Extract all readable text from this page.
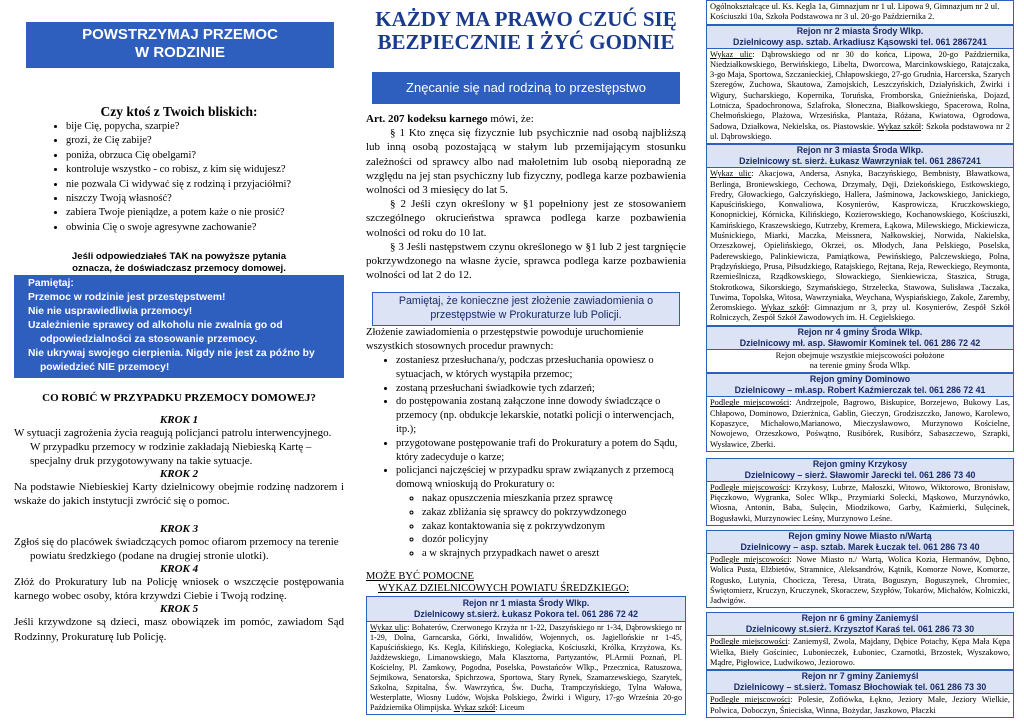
POWSTRZYMAJ PRZEMOC
W RODZINIE

Czy ktoś z Twoich bliskich:

• bije Cię, popycha, szarpie?
• grozi, że Cię zabije?
• poniża, obrzuca Cię obelgami?
• kontroluje wszystko - co robisz, z kim się widujesz?
• nie pozwala Ci widywać się z rodziną i przyjaciółmi?
• niszczy Twoją własność?
• zabiera Twoje pieniądze, a potem każe o nie prosić?
• obwinia Cię o swoje agresywne zachowanie?

Jeśli odpowiedziałeś TAK na powyższe pytania

oznacza, że doświadczasz przemocy domowej.

Pamiętaj:
Przemoc w rodzinie jest przestępstwem!
Nie nie usprawiedliwia przemocy!
Uzależnienie sprawcy od alkoholu nie zwalnia go od
odpowiedzialności za stosowanie przemocy.
Nie ukrywaj swojego cierpienia. Nigdy nie jest za późno by
powiedzieć NIE przemocy!

CO ROBIĆ W PRZYPADKU PRZEMOCY DOMOWEJ?

KROK 1

W sytuacji zagrożenia życia reagują policjanci patrolu interwencyjnego. W przypadku przemocy w rodzinie zakładają Niebieską Kartę – specjalny druk przygotowywany na takie sytuacje.

KROK 2

Na podstawie Niebieskiej Karty dzielnicowy obejmie rodzinę nadzorem i wskaże do jakich instytucji zwrócić się o pomoc.

KROK 3

Zgłoś się do placówek świadczących pomoc ofiarom przemocy na terenie powiatu średzkiego (podane na drugiej stronie ulotki).

KROK 4

Złóż do Prokuratury lub na Policję wniosek o wszczęcie postępowania karnego wobec osoby, która krzywdzi Ciebie i Twoją rodzinę.

KROK 5

Jeśli krzywdzone są dzieci, masz obowiązek im pomóc, zawiadom Sąd Rodzinny, Prokuraturę lub Policję.

KAŻDY MA PRAWO CZUĆ SIĘ
BEZPIECZNIE I ŻYĆ GODNIE

Znęcanie się nad rodziną to przestępstwo

Art. 207 kodeksu karnego mówi, że:

§ 1 Kto znęca się fizycznie lub psychicznie nad osobą najbliższą lub inną osobą pozostającą w stałym lub przemijającym stosunku zależności od sprawcy albo nad małoletnim lub osobą nieporadną ze względu na jej stan psychiczny lub fizyczny, podlega karze pozbawienia wolności od 3 miesięcy do lat 5.

§ 2 Jeśli czyn określony w §1 popełniony jest ze stosowaniem szczególnego okrucieństwa sprawca podlega karze pozbawienia wolności od roku do 10 lat.

§ 3 Jeśli następstwem czynu określonego w §1 lub 2 jest targnięcie pokrzywdzonego na własne życie, sprawca podlega karze pozbawienia wolności od lat 2 do 12.

Pamiętaj, że konieczne jest złożenie zawiadomienia o przestępstwie w Prokuraturze lub Policji.

Złożenie zawiadomienia o przestępstwie powoduje uruchomienie wszystkich stosownych procedur prawnych:

• zostaniesz przesłuchana/y, podczas przesłuchania opowiesz o sytuacjach, w których wystąpiła przemoc;
• zostaną przesłuchani świadkowie tych zdarzeń;
• do postępowania zostaną załączone inne dowody świadczące o przemocy (np. obdukcje lekarskie, notatki policji o interwencjach, itp.);
• przygotowane postępowanie trafi do Prokuratury a potem do Sądu, który zadecyduje o karze;
• policjanci najczęściej w przypadku spraw związanych z przemocą domową wnioskują do Prokuratury o:
◦ nakaz opuszczenia mieszkania przez sprawcę
◦ zakaz zbliżania się sprawcy do pokrzywdzonego
◦ zakaz kontaktowania się z pokrzywdzonym
◦ dozór policyjny
◦ a w skrajnych przypadkach nawet o areszt

MOŻE BYĆ POMOCNE

WYKAZ DZIELNICOWYCH POWIATU ŚREDZKIEGO:

Rejon nr 1 miasta Środy Wlkp.
Dzielnicowy st.sierż. Łukasz Pokora tel. 061 286 72 42
Wykaz ulic: Bohaterów, Czerwonego Krzyża nr 1-22, Daszyńskiego nr 1-34, Dąbrowskiego nr 1-29, Dolna, Garncarska, Górki, Inwalidów, Wojennych, os. Jagiellońskie nr 1-45, Kapuścińskiego, Ks. Kegla, Kilińskiego, Kolegiacka, Kościuszki, Królka, Krzyżowa, Ks. Jażdżewskiego, Limanowskiego, Mała Klasztorna, Partyzantów, Pl.Armii Poznań, Pl. Kościelny, Pl. Zamkowy, Pogodna, Poselska, Powstańców Wlkp., Przecznica, Ratuszowa, Sejmikowa, Senatorska, Spichrzowa, Sportowa, Stary Rynek, Szamarzewskiego, Szarytek, Szkolna, Szpitalna, Św. Wawrzyńca, Św. Ducha, Trampczyńskiego, Tylna Wałowa, Westerplatte, Wiosny Ludów, Wojska Polskiego, Żwirki i Wigury, 17-go Września 20-go Października Olimpijska. Wykaz szkół: Liceum
Ogólnokształcące ul. Ks. Kegla 1a, Gimnazjum nr 1 ul. Lipowa 9, Gimnazjum nr 2 ul. Kościuszki 10a, Szkoła Podstawowa nr 3 ul. 20-go Października 2.
Rejon nr 2 miasta Środy Wlkp.
Dzielnicowy asp. sztab. Arkadiusz Kąsowski tel. 061 2867241
Wykaz ulic: Dąbrowskiego od nr 30 do końca, Lipowa, 20-go Października, Niedziałkowskiego, Berwińskiego, Libelta, Dworcowa, Marcinkowskiego, Ratajczaka, 3-go Maja, Sportowa, Szczanieckiej, Chłapowskiego, 27-go Grudnia, Harcerska, Szarych Szeregów, Zuchowa, Skautowa, Zamojskich, Leszczyńskich, Działyńskich, Żwirki i Wigury, Sucharskiego, Kopernika, Toruńska, Fromborska, Gnieźnieńska, Dojazd, Lotnicza, Spadochronowa, Szlafroka, Słoneczna, Białkowskiego, Spacerowa, Rolna, Chełmońskiego, Plażowa, Wrzesińska, Plantaża, Różana, Kwiatowa, Ogrodowa, Sadowa, Działkowa, Nekielska, os. Piastowskie. Wykaz szkół: Szkoła podstawowa nr 2 ul. Dąbrowskiego.
Rejon nr 3 miasta Środa Wlkp.
Dzielnicowy st. sierż. Łukasz Wawrzyniak tel. 061 2867241
Wykaz ulic: Akacjowa, Andersa, Asnyka, Baczyńskiego, Bembnisty, Bławatkowa, Berlinga, Broniewskiego, Cechowa, Drzymały, Dęji, Dziekońskiego, Estkowskiego, Fredry, Głowackiego, Gałczyńskiego, Hallera, Jaśminowa, Jackowskiego, Janickiego, Kapuścińskiego, Konwaliowa, Kosynierów, Kasprowicza, Kruczkowskiego, Konopnickiej, Kórnicka, Kilińskiego, Kozierowskiego, Kochanowskiego, Kościuszki, Kamińskiego, Kraszewskiego, Kutrzeby, Kremera, Łąkowa, Milewskiego, Mickiewicza, Muśnickiego, Miarki, Maczka, Meissnera, Nałkowskiej, Norwida, Nakielska, Orzeszkowej, Opielińskiego, Okrzei, os. Młodych, Jana Pelskiego, Poselska, Paderewskiego, Palinkiewicza, Pamiątkowa, Pewińskiego, Palczewskiego, Polna, Prądzyńskiego, Prusa, Piłsudzkiego, Ratajskiego, Rejtana, Reja, Reweckiego, Reymonta, Rzemieślnicza, Rządkowskiego, Słowackiego, Sienkiewicza, Staszica, Struga, Stokrotkowa, Sikorskiego, Szymańskiego, Strzelecka, Stawowa, Sulisława ,Taczaka, Tuwima, Topolska, Witosa, Wawrzyniaka, Weychana, Wyspiańskiego, Zakole, Zaremby, Żeromskiego. Wykaz szkół: Gimnazjum nr 3, przy ul. Kosynierów, Zespół Szkół Rolniczych, Zespół Szkół Zawodowych im. H. Cegielskiego.
Rejon nr 4 gminy Środa Wlkp.
Dzielnicowy mł. asp. Sławomir Kominek tel. 061 286 72 42
Rejon obejmuje wszystkie miejscowości położone
na terenie gminy Środa Wlkp.
Rejon gminy Dominowo
Dzielnicowy – mł.asp. Robert Kaźmierczak tel. 061 286 72 41
Podległe miejscowości: Andrzejpole, Bagrowo, Biskupice, Borzejewo, Bukowy Las, Chłapowo, Dominowo, Dzierżnica, Gablin, Gieczyn, Grodziszczko, Janowo, Karolewo, Kopaszyce, Michałowo,Marianowo, Mieczysławowo, Murzynowo Kościelne, Nowojewo, Orzeszkowo, Pośwątno, Rusibórek, Rusibórz, Sabaszczewo, Szrapki, Wysławice, Zberki.
Rejon gminy Krzykosy
Dzielnicowy – sierż. Sławomir Jarecki tel. 061 286 73 40
Podległe miejscowości: Krzykosy, Lubrze, Małoszki, Witowo, Wiktorowo, Bronisław, Pięczkowo, Wygranka, Solec Wlkp., Przymiarki Solecki, Mąskowo, Murzynówko, Wiosna, Antonin, Baba, Sulęcin, Miodzikowo, Garby, Kaźmierki, Sulęcinek, Bogusławki, Murzynowiec Leśny, Murzynowo Leśne.
Rejon gminy Nowe Miasto n/Wartą
Dzielnicowy – asp. sztab. Marek Łuczak tel. 061 286 73 40
Podległe miejscowości: Nowe Miasto n./ Wartą, Wolica Kozia, Hermanów, Dębno, Wolica Pusta, Elżbietów, Stramnice, Aleksandrów, Kątnik, Komorze Nowe, Komorze, Rogusko, Lutynia, Chocicza, Teresa, Utrata, Boguszyn, Boguszynek, Chromiec, Świętomierz, Kruczyn, Kruczynek, Skoraczew, Szypłów, Tokarów, Michałów, Kolniczki, Jadwigów.
Rejon nr 6 gminy Zaniemyśl
Dzielnicowy st.sierż. Krzysztof Karaś tel. 061 286 73 30
Podległe miejscowości: Zaniemyśl, Zwola, Majdany, Dębice Potachy, Kępa Mała Kępa Wielka, Bieły Gościniec, Lubonieczek, Łuboniec, Czarnotki, Brzostek, Wyszakowo, Mądre, Pigłowice, Ludwikowo, Jeziorowo.
Rejon nr 7 gminy Zaniemyśl
Dzielnicowy – st.sierż. Tomasz Błochowiak tel. 061 286 73 30
Podległe miejscowości: Polesie, Zofiówka, Łękno, Jeziory Małe, Jeziory Wielkie, Polwica, Doboczyn, Śnieciska, Winna, Bożydar, Jaszkowo, Płaczki
